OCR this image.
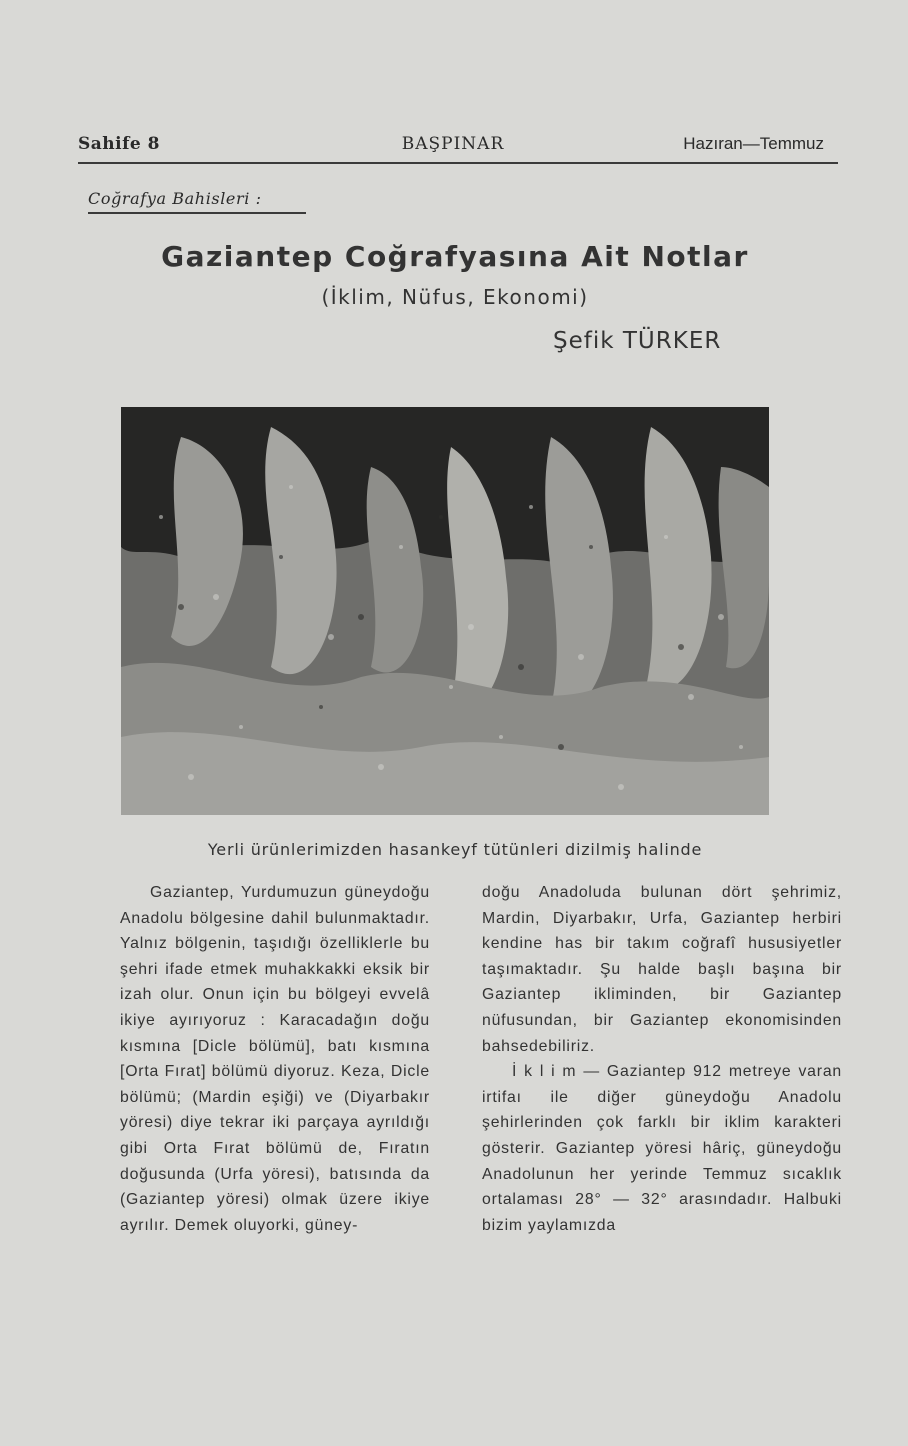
Sahife 8	BAŞPINAR	Hazıran—Temmuz
Coğrafya Bahisleri :
Gaziantep Coğrafyasına Ait Notlar
(İklim, Nüfus, Ekonomi)
Şefik TÜRKER
Yerli ürünlerimizden hasankeyf tütünleri dizilmiş halinde

Gaziantep, Yurdumuzun güneydoğu Anadolu bölgesine dahil bulunmaktadır. Yalnız bölgenin, taşıdığı özelliklerle bu şehri ifade etmek muhakkakki eksik bir izah olur. Onun için bu bölgeyi evvelâ ikiye ayırıyoruz : Karacadağın doğu kısmına [Dicle bölümü], batı kısmına [Orta Fırat] bölümü diyoruz. Keza, Dicle bölümü; (Mardin eşiği) ve (Diyarbakır yöresi) diye tekrar iki parçaya ayrıldığı gibi Orta Fırat bölümü de, Fıratın doğusunda (Urfa yöresi), batısında da (Gaziantep yöresi) olmak üzere ikiye ayrılır. Demek oluyorki, güney-

doğu Anadoluda bulunan dört şehrimiz, Mardin, Diyarbakır, Urfa, Gaziantep herbiri kendine has bir takım coğrafî hususiyetler taşımaktadır. Şu halde başlı başına bir Gaziantep ikliminden, bir Gaziantep nüfusundan, bir Gaziantep ekonomisinden bahsedebiliriz.

İ k l i m — Gaziantep 912 metreye varan irtifaı ile diğer güneydoğu Anadolu şehirlerinden çok farklı bir iklim karakteri gösterir. Gaziantep yöresi hâriç, güneydoğu Anadolunun her yerinde Temmuz sıcaklık ortalaması 28° — 32° arasındadır. Halbuki bizim yaylamızda
